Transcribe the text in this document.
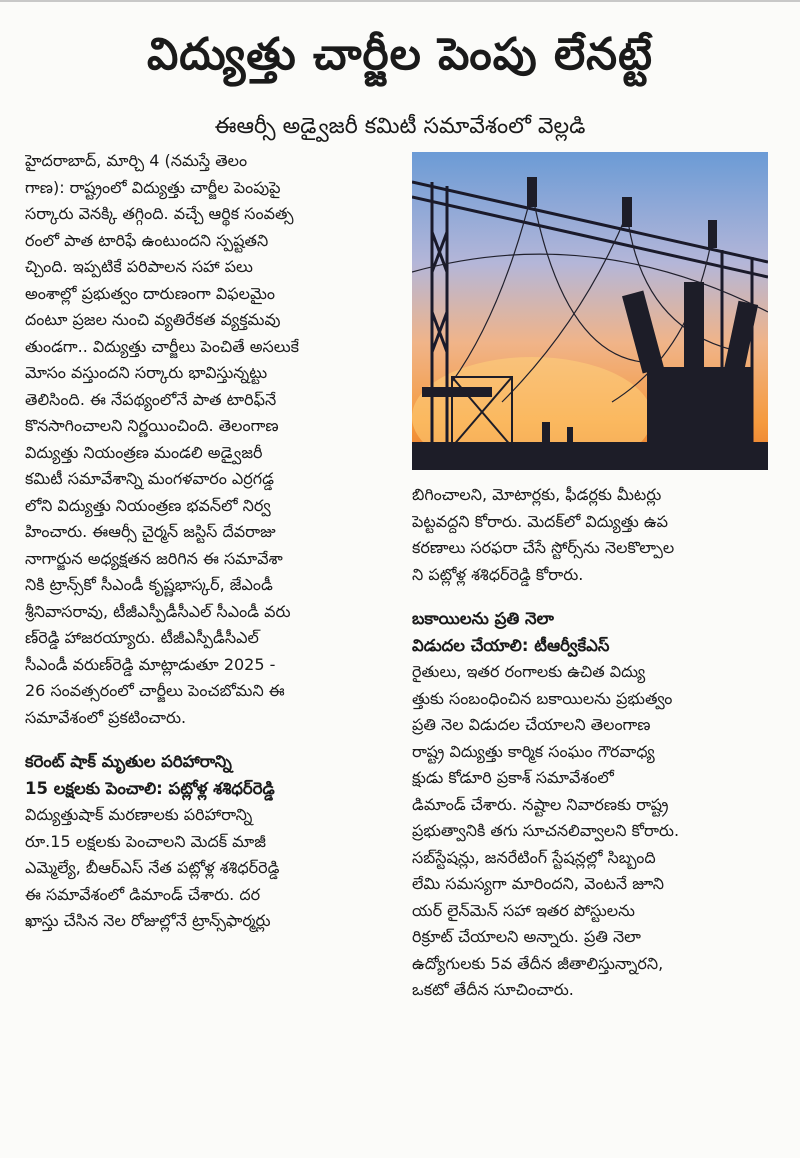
విద్యుత్తు చార్జీల పెంపు లేనట్టే
ఈఆర్సీ అడ్వైజరీ కమిటీ సమావేశంలో వెల్లడి
హైదరాబాద్, మార్చి 4 (నమస్తే తెలం
గాణ): రాష్ట్రంలో విద్యుత్తు చార్జీల పెంపుపై
సర్కారు వెనక్కి తగ్గింది. వచ్చే ఆర్థిక సంవత్స
రంలో పాత టారిఫే ఉంటుందని స్పష్టతని
చ్చింది. ఇప్పటికే పరిపాలన సహా పలు
అంశాల్లో ప్రభుత్వం దారుణంగా విఫలమైం
దంటూ ప్రజల నుంచి వ్యతిరేకత వ్యక్తమవు
తుండగా.. విద్యుత్తు చార్జీలు పెంచితే అసలుకే
మోసం వస్తుందని సర్కారు భావిస్తున్నట్టు
తెలిసింది. ఈ నేపథ్యంలోనే పాత టారిఫ్‌నే
కొనసాగించాలని నిర్ణయించింది. తెలంగాణ
విద్యుత్తు నియంత్రణ మండలి అడ్వైజరీ
కమిటీ సమావేశాన్ని మంగళవారం ఎర్రగడ్డ
లోని విద్యుత్తు నియంత్రణ భవన్‌లో నిర్వ
హించారు. ఈఆర్సీ చైర్మన్ జస్టిస్ దేవరాజు
నాగార్జున అధ్యక్షతన జరిగిన ఈ సమావేశా
నికి ట్రాన్స్‌కో సీఎండీ కృష్ణభాస్కర్, జేఎండీ
శ్రీనివాసరావు, టీజీఎస్పీడీసీఎల్ సీఎండీ వరు
ణ్‌రెడ్డి హాజరయ్యారు. టీజీఎస్పీడీసీఎల్
సీఎండీ వరుణ్‌రెడ్డి మాట్లాడుతూ 2025 -
26 సంవత్సరంలో చార్జీలు పెంచబోమని ఈ
సమావేశంలో ప్రకటించారు.
కరెంట్ షాక్ మృతుల పరిహారాన్ని
15 లక్షలకు పెంచాలి: పట్లోళ్ల శశిధర్‌రెడ్డి
విద్యుత్తుషాక్ మరణాలకు పరిహారాన్ని
రూ.15 లక్షలకు పెంచాలని మెదక్ మాజీ
ఎమ్మెల్యే, బీఆర్‌ఎస్ నేత పట్లోళ్ల శశిధర్‌రెడ్డి
ఈ సమావేశంలో డిమాండ్ చేశారు. దర
ఖాస్తు చేసిన నెల రోజుల్లోనే ట్రాన్స్‌ఫార్మర్లు
బిగించాలని, మోటార్లకు, ఫీడర్లకు మీటర్లు
పెట్టవద్దని కోరారు. మెదక్‌లో విద్యుత్తు ఉప
కరణాలు సరఫరా చేసే స్టోర్స్‌ను నెలకొల్పాల
ని పట్లోళ్ల శశిధర్‌రెడ్డి కోరారు.
బకాయిలను ప్రతి నెలా
విడుదల చేయాలి: టీఆర్వీకేఎస్
రైతులు, ఇతర రంగాలకు ఉచిత విద్యు
త్తుకు సంబంధించిన బకాయిలను ప్రభుత్వం
ప్రతి నెల విడుదల చేయాలని తెలంగాణ
రాష్ట్ర విద్యుత్తు కార్మిక సంఘం గౌరవాధ్య
క్షుడు కోడూరి ప్రకాశ్ సమావేశంలో
డిమాండ్ చేశారు. నష్టాల నివారణకు రాష్ట్ర
ప్రభుత్వానికి తగు సూచనలివ్వాలని కోరారు.
సబ్‌స్టేషన్లు, జనరేటింగ్ స్టేషన్లల్లో సిబ్బంది
లేమి సమస్యగా మారిందని, వెంటనే జూని
యర్ లైన్‌మెన్ సహా ఇతర పోస్టులను
రిక్రూట్ చేయాలని అన్నారు. ప్రతి నెలా
ఉద్యోగులకు 5వ తేదీన జీతాలిస్తున్నారని,
ఒకటో తేదీన సూచించారు.
